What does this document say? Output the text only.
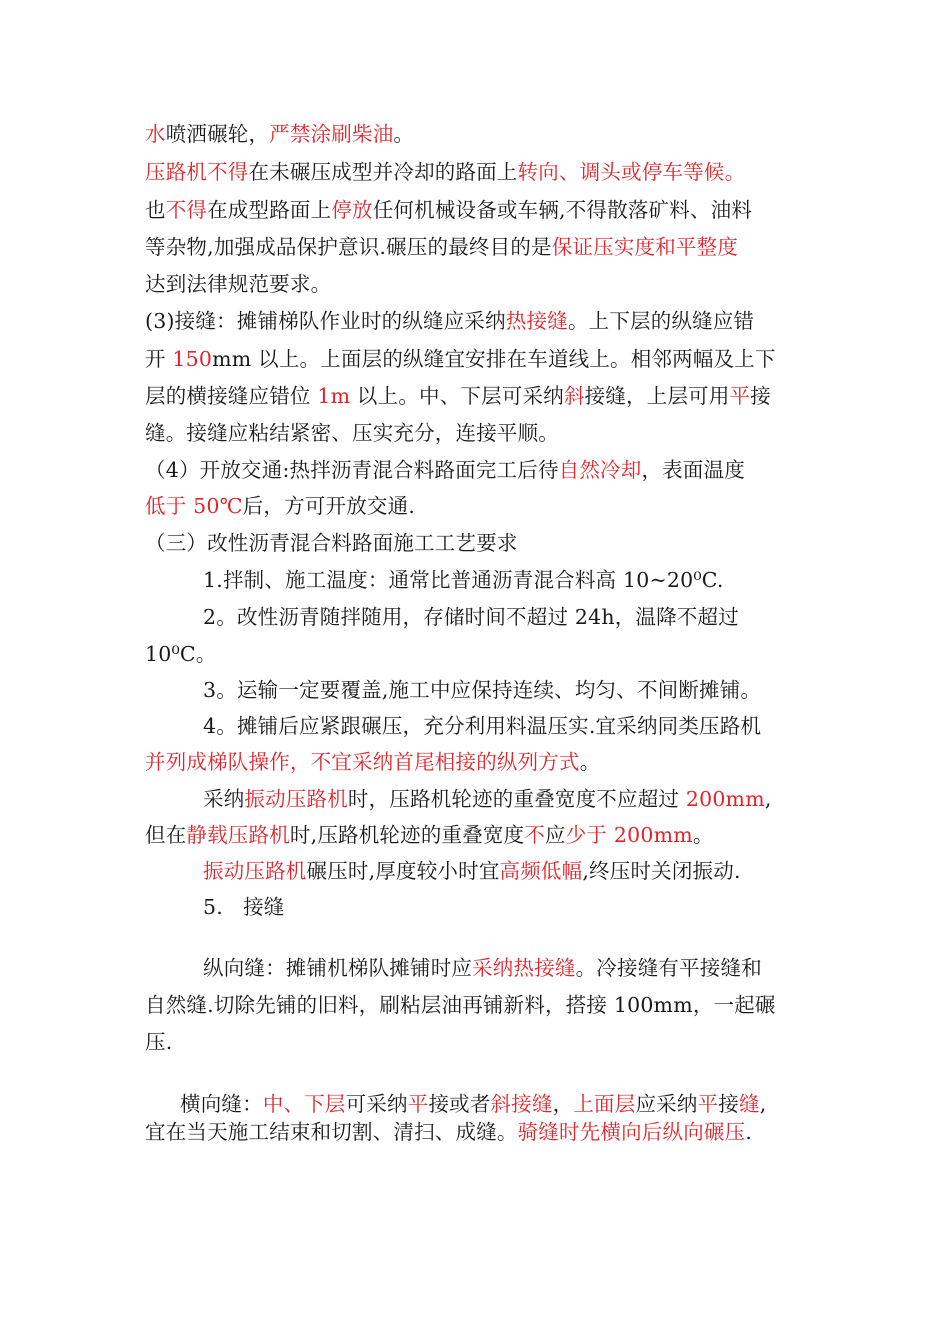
水喷洒碾轮，严禁涂刷柴油。
压路机不得在未碾压成型并冷却的路面上转向、调头或停车等候。
也不得在成型路面上停放任何机械设备或车辆,不得散落矿料、油料
等杂物,加强成品保护意识.碾压的最终目的是保证压实度和平整度
达到法律规范要求。
(3)接缝：摊铺梯队作业时的纵缝应采纳热接缝。上下层的纵缝应错
开 150mm 以上。上面层的纵缝宜安排在车道线上。相邻两幅及上下
层的横接缝应错位 1m 以上。中、下层可采纳斜接缝，上层可用平接
缝。接缝应粘结紧密、压实充分，连接平顺。
（4）开放交通:热拌沥青混合料路面完工后待自然冷却，表面温度
低于 50℃后，方可开放交通.
（三）改性沥青混合料路面施工工艺要求
1.拌制、施工温度：通常比普通沥青混合料高 10~20⁰C.
2。改性沥青随拌随用，存储时间不超过 24h，温降不超过
10⁰C。
3。运输一定要覆盖,施工中应保持连续、均匀、不间断摊铺。
4。摊铺后应紧跟碾压，充分利用料温压实.宜采纳同类压路机
并列成梯队操作，不宜采纳首尾相接的纵列方式。
采纳振动压路机时，压路机轮迹的重叠宽度不应超过 200mm,
但在静载压路机时,压路机轮迹的重叠宽度不应少于 200mm。
振动压路机碾压时,厚度较小时宜高频低幅,终压时关闭振动.
5.   接缝
纵向缝：摊铺机梯队摊铺时应采纳热接缝。冷接缝有平接缝和
自然缝.切除先铺的旧料，刷粘层油再铺新料，搭接 100mm，一起碾
压.
横向缝：中、下层可采纳平接或者斜接缝，上面层应采纳平接缝,
宜在当天施工结束和切割、清扫、成缝。骑缝时先横向后纵向碾压.
